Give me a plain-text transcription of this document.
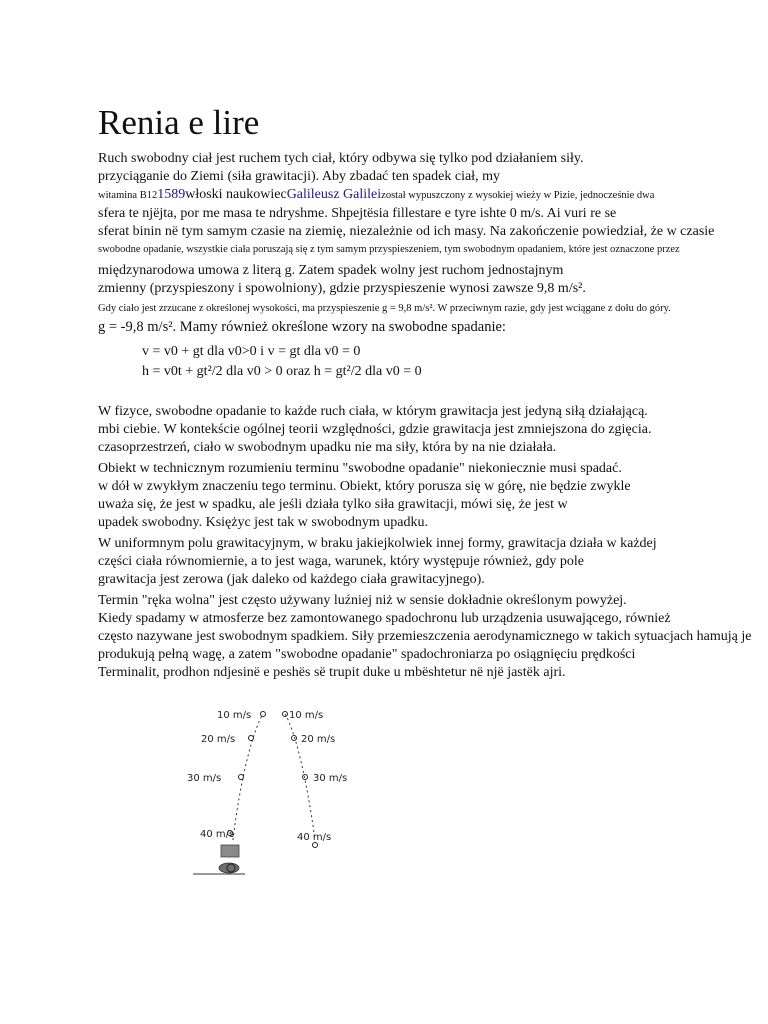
Renia e lire
Ruch swobodny ciał jest ruchem tych ciał, który odbywa się tylko pod działaniem siły.
przyciąganie do Ziemi (siła grawitacji). Aby zbadać ten spadek ciał, my
witamina B121589włoski naukowiecGalileusz Galileizostał wypuszczony z wysokiej wieży w Pizie, jednocześnie dwa
sfera te njëjta, por me masa te ndryshme. Shpejtësia fillestare e tyre ishte 0 m/s. Ai vuri re se
sferat binin në tym samym czasie na ziemię, niezależnie od ich masy. Na zakończenie powiedział, że w czasie
swobodne opadanie, wszystkie ciała poruszają się z tym samym przyspieszeniem, tym swobodnym opadaniem, które jest oznaczone przez
międzynarodowa umowa z literą g. Zatem spadek wolny jest ruchom jednostajnym
zmienny (przyspieszony i spowolniony), gdzie przyspieszenie wynosi zawsze 9,8 m/s².
Gdy ciało jest zrzucane z określonej wysokości, ma przyspieszenie g = 9,8 m/s². W przeciwnym razie, gdy jest wciągane z dołu do góry.
g = -9,8 m/s². Mamy również określone wzory na swobodne spadanie:
v = v0 + gt dla v0>0 i v = gt dla v0 = 0
h = v0t + gt²/2 dla v0 > 0 oraz h = gt²/2 dla v0 = 0
W fizyce, swobodne opadanie to każde ruch ciała, w którym grawitacja jest jedyną siłą działającą.
mbi ciebie. W kontekście ogólnej teorii względności, gdzie grawitacja jest zmniejszona do zgięcia.
czasoprzestrzeń, ciało w swobodnym upadku nie ma siły, która by na nie działała.
Obiekt w technicznym rozumieniu terminu "swobodne opadanie" niekoniecznie musi spadać.
w dół w zwykłym znaczeniu tego terminu. Obiekt, który porusza się w górę, nie będzie zwykle
uważa się, że jest w spadku, ale jeśli działa tylko siła grawitacji, mówi się, że jest w
upadek swobodny. Księżyc jest tak w swobodnym upadku.
W uniformnym polu grawitacyjnym, w braku jakiejkolwiek innej formy, grawitacja działa w każdej
części ciała równomiernie, a to jest waga, warunek, który występuje również, gdy pole
grawitacja jest zerowa (jak daleko od każdego ciała grawitacyjnego).
Termin "ręka wolna" jest często używany luźniej niż w sensie dokładnie określonym powyżej.
Kiedy spadamy w atmosferze bez zamontowanego spadochronu lub urządzenia usuwającego, również
często nazywane jest swobodnym spadkiem. Siły przemieszczenia aerodynamicznego w takich sytuacjach hamują je
produkują pełną wagę, a zatem "swobodne opadanie" spadochroniarza po osiągnięciu prędkości
Terminalit, prodhon ndjesinë e peshës së trupit duke u mbështetur në një jastëk ajri.
10 m/s	10 m/s
20 m/s	20 m/s
30 m/s	30 m/s
40 m/s	40 m/s
